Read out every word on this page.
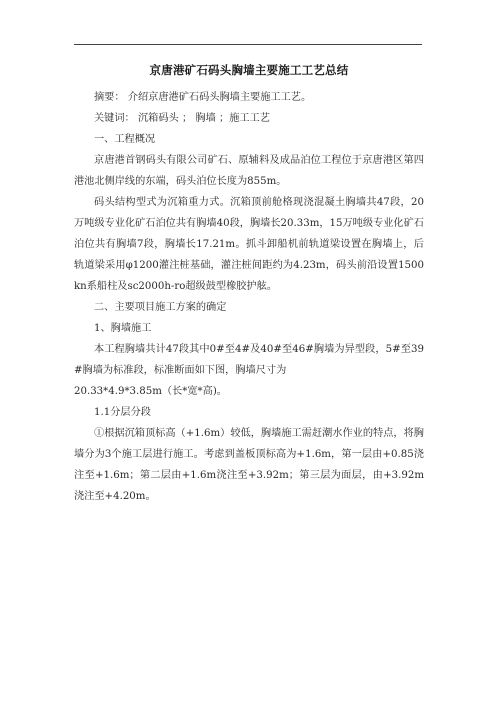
京唐港矿石码头胸墙主要施工工艺总结

摘要： 介绍京唐港矿石码头胸墙主要施工工艺。

关键词： 沉箱码头 ； 胸墙 ；施工工艺

一、工程概况

京唐港首钢码头有限公司矿石、原辅料及成品泊位工程位于京唐港区第四港池北侧岸线的东端，码头泊位长度为855m。

码头结构型式为沉箱重力式。沉箱顶前舱格现浇混凝土胸墙共47段，20万吨级专业化矿石泊位共有胸墙40段，胸墙长20.33m，15万吨级专业化矿石泊位共有胸墙7段，胸墙长17.21m。抓斗卸船机前轨道梁设置在胸墙上，后轨道梁采用φ1200灌注桩基础，灌注桩间距约为4.23m，码头前沿设置1500kn系船柱及sc2000h-ro超级鼓型橡胶护舷。

二、主要项目施工方案的确定

1、胸墙施工

本工程胸墙共计47段其中0#至4#及40#至46#胸墙为异型段，5#至39#胸墙为标准段，标准断面如下图，胸墙尺寸为

20.33*4.9*3.85m（长*宽*高)。

1.1分层分段

①根据沉箱顶标高（+1.6m）较低，胸墙施工需赶潮水作业的特点，将胸墙分为3个施工层进行施工。考虑到盖板顶标高为+1.6m，第一层由+0.85浇注至+1.6m；第二层由+1.6m浇注至+3.92m；第三层为面层，由+3.92m浇注至+4.20m。
